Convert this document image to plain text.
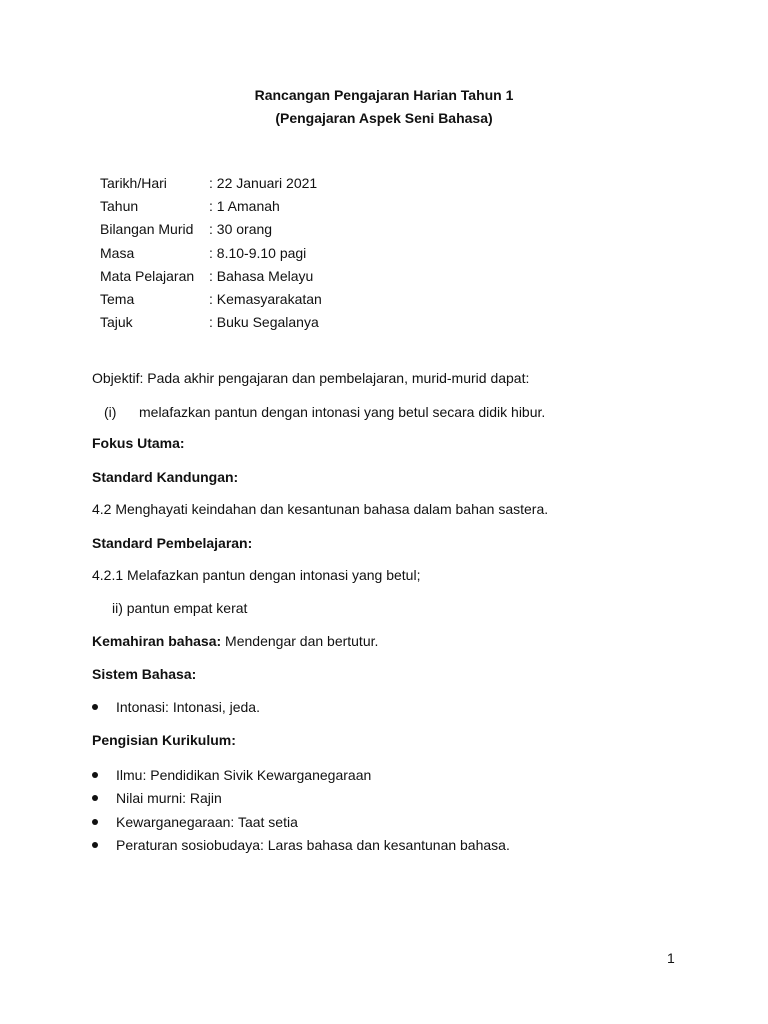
Rancangan Pengajaran Harian Tahun 1
(Pengajaran Aspek Seni Bahasa)
Tarikh/Hari	: 22 Januari 2021
Tahun	: 1 Amanah
Bilangan Murid	: 30 orang
Masa	: 8.10-9.10 pagi
Mata Pelajaran	: Bahasa Melayu
Tema	: Kemasyarakatan
Tajuk	: Buku Segalanya
Objektif: Pada akhir pengajaran dan pembelajaran, murid-murid dapat:
(i) melafazkan pantun dengan intonasi yang betul secara didik hibur.
Fokus Utama:
Standard Kandungan:
4.2 Menghayati keindahan dan kesantunan bahasa dalam bahan sastera.
Standard Pembelajaran:
4.2.1 Melafazkan pantun dengan intonasi yang betul;
ii) pantun empat kerat
Kemahiran bahasa: Mendengar dan bertutur.
Sistem Bahasa:
Intonasi: Intonasi, jeda.
Pengisian Kurikulum:
Ilmu: Pendidikan Sivik Kewarganegaraan
Nilai murni: Rajin
Kewarganegaraan: Taat setia
Peraturan sosiobudaya: Laras bahasa dan kesantunan bahasa.
1
